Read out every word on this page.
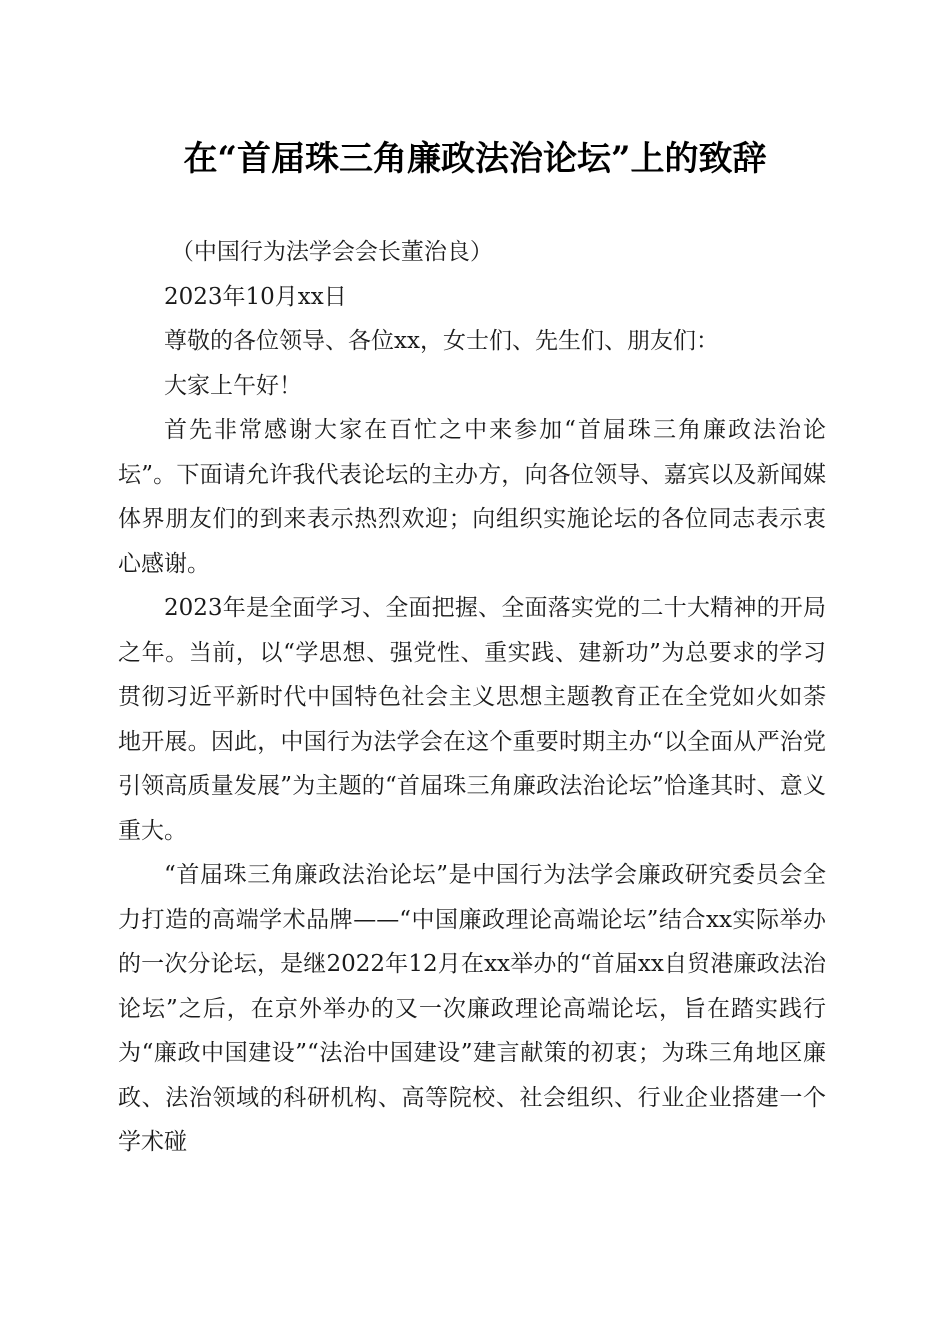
在“首届珠三角廉政法治论坛”上的致辞

（中国行为法学会会长董治良）

2023年10月xx日

尊敬的各位领导、各位xx，女士们、先生们、朋友们：

大家上午好！

首先非常感谢大家在百忙之中来参加“首届珠三角廉政法治论坛”。下面请允许我代表论坛的主办方，向各位领导、嘉宾以及新闻媒体界朋友们的到来表示热烈欢迎；向组织实施论坛的各位同志表示衷心感谢。

2023年是全面学习、全面把握、全面落实党的二十大精神的开局之年。当前，以“学思想、强党性、重实践、建新功”为总要求的学习贯彻习近平新时代中国特色社会主义思想主题教育正在全党如火如荼地开展。因此，中国行为法学会在这个重要时期主办“以全面从严治党引领高质量发展”为主题的“首届珠三角廉政法治论坛”恰逢其时、意义重大。

“首届珠三角廉政法治论坛”是中国行为法学会廉政研究委员会全力打造的高端学术品牌——“中国廉政理论高端论坛”结合xx实际举办的一次分论坛，是继2022年12月在xx举办的“首届xx自贸港廉政法治论坛”之后，在京外举办的又一次廉政理论高端论坛，旨在踏实践行为“廉政中国建设”“法治中国建设”建言献策的初衷；为珠三角地区廉政、法治领域的科研机构、高等院校、社会组织、行业企业搭建一个学术碰
